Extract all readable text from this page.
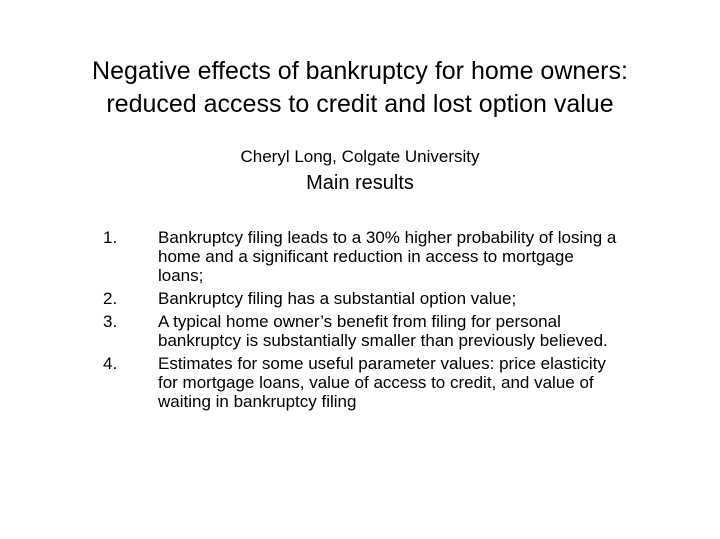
Negative effects of bankruptcy for home owners:
reduced access to credit and lost option value
Cheryl Long, Colgate University
Main results
1.	Bankruptcy filing leads to a 30% higher probability of losing a home and a significant reduction in access to mortgage loans;
2.	Bankruptcy filing has a substantial option value;
3.	A typical home owner’s benefit from filing for personal bankruptcy is substantially smaller than previously believed.
4.	Estimates for some useful parameter values: price elasticity for mortgage loans, value of access to credit, and value of waiting in bankruptcy filing
